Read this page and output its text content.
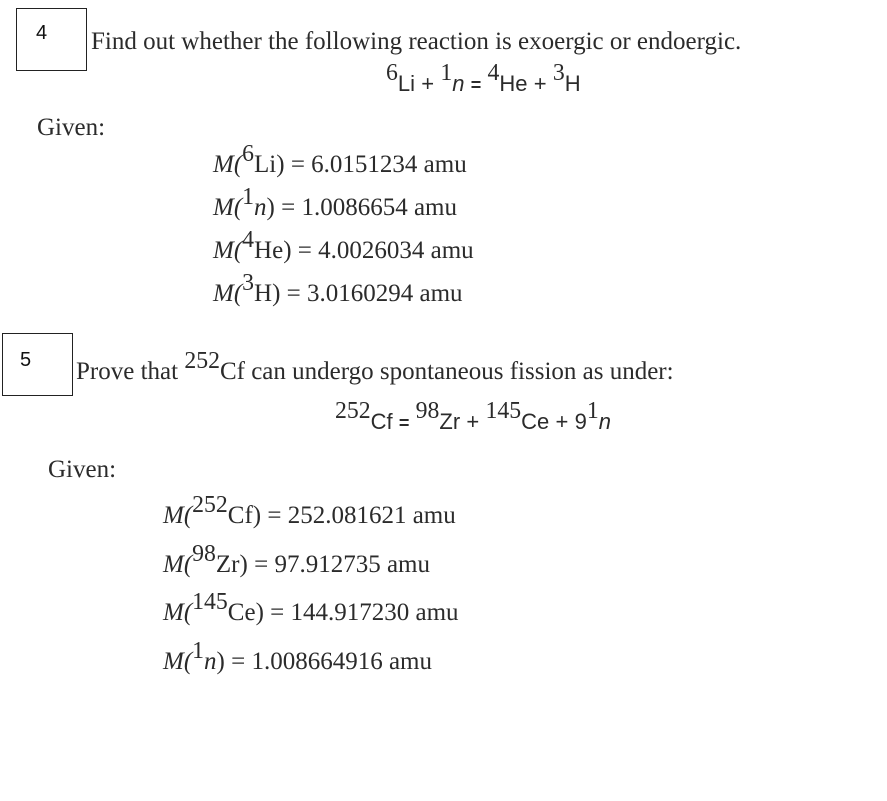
4 Find out whether the following reaction is exoergic or endoergic.
$^6$Li + $^1$n = $^4$He + $^3$H
Given:
M($^6$Li) = 6.0151234 amu
M($^1$n) = 1.0086654 amu
M($^4$He) = 4.0026034 amu
M($^3$H) = 3.0160294 amu
5 Prove that $^{252}$Cf can undergo spontaneous fission as under:
$^{252}Cf = ^{98}Zr + ^{145}Ce + 9^1n$
Given:
M($^{252}$Cf) = 252.081621 amu
M($^{98}$Zr) = 97.912735 amu
M($^{145}$Ce) = 144.917230 amu
M($^1$n) = 1.008664916 amu
